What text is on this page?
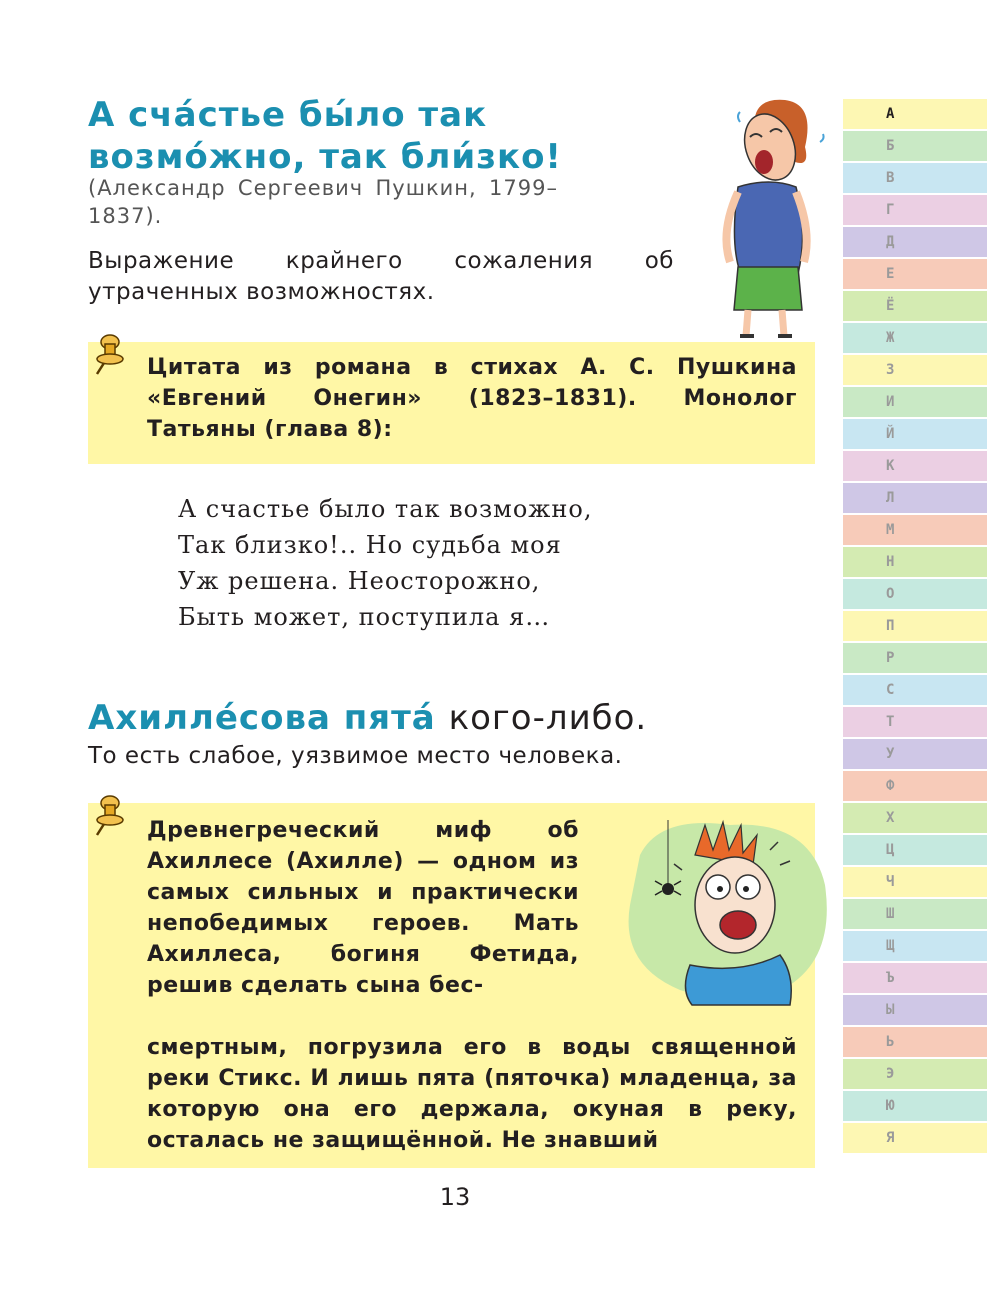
А сча́стье бы́ло так возмо́жно, так бли́зко!

(Александр Сергеевич Пушкин, 1799–1837).

Выражение крайнего сожаления об утраченных возможностях.

Цитата из романа в стихах А. С. Пушкина «Евгений Онегин» (1823–1831). Монолог Татьяны (глава 8):

А счастье было так возможно,
Так близко!.. Но судьба моя
Уж решена. Неосторожно,
Быть может, поступила я…
Ахилле́сова пята́ кого-либо.

То есть слабое, уязвимое место человека.

Древнегреческий миф об Ахиллесе (Ахилле) — одном из самых сильных и практически непобедимых героев. Мать Ахиллеса, богиня Фетида, решив сделать сына бес-

смертным, погрузила его в воды священной реки Стикс. И лишь пята (пяточка) младенца, за которую она его держала, окуная в реку, осталась не защищённой. Не знавший

13
А
Б
В
Г
Д
Е
Ё
Ж
З
И
Й
К
Л
М
Н
О
П
Р
С
Т
У
Ф
Х
Ц
Ч
Ш
Щ
Ъ
Ы
Ь
Э
Ю
Я
